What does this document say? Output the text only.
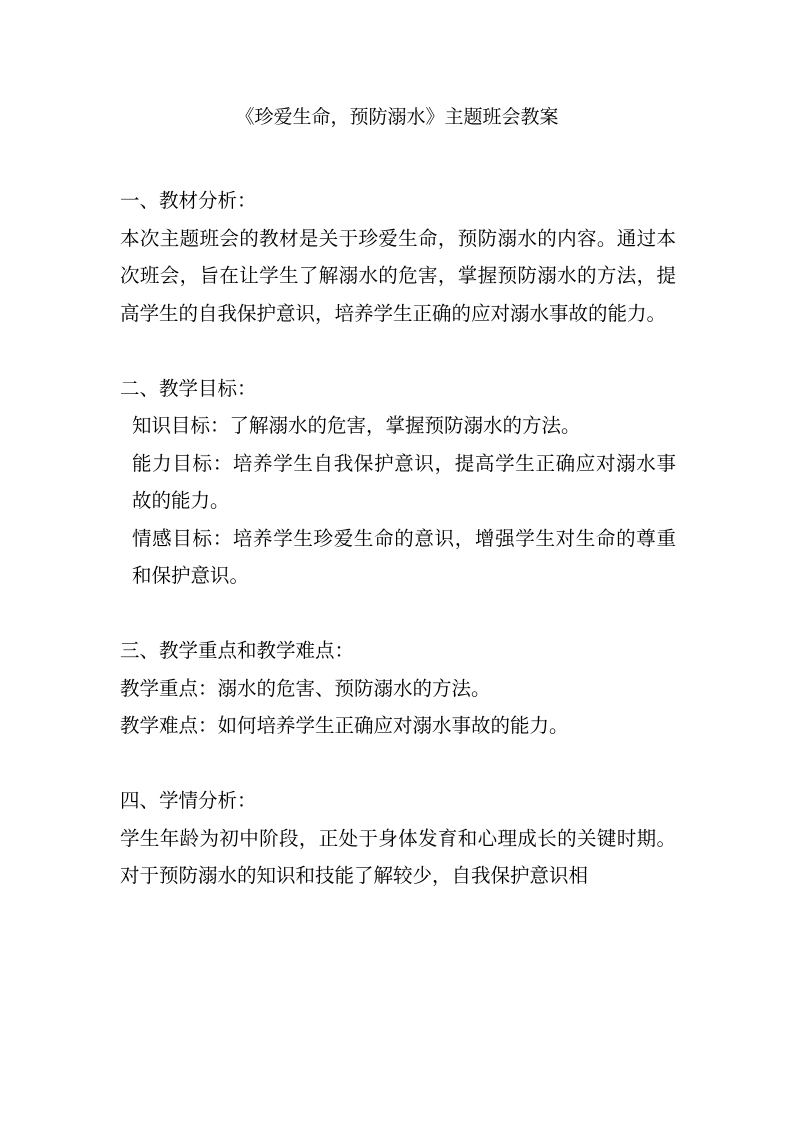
《珍爱生命，预防溺水》主题班会教案

一、教材分析：

本次主题班会的教材是关于珍爱生命，预防溺水的内容。通过本次班会，旨在让学生了解溺水的危害，掌握预防溺水的方法，提高学生的自我保护意识，培养学生正确的应对溺水事故的能力。

二、教学目标：

知识目标：了解溺水的危害，掌握预防溺水的方法。

能力目标：培养学生自我保护意识，提高学生正确应对溺水事故的能力。

情感目标：培养学生珍爱生命的意识，增强学生对生命的尊重和保护意识。

三、教学重点和教学难点：

教学重点：溺水的危害、预防溺水的方法。

教学难点：如何培养学生正确应对溺水事故的能力。

四、学情分析：

学生年龄为初中阶段，正处于身体发育和心理成长的关键时期。对于预防溺水的知识和技能了解较少，自我保护意识相
